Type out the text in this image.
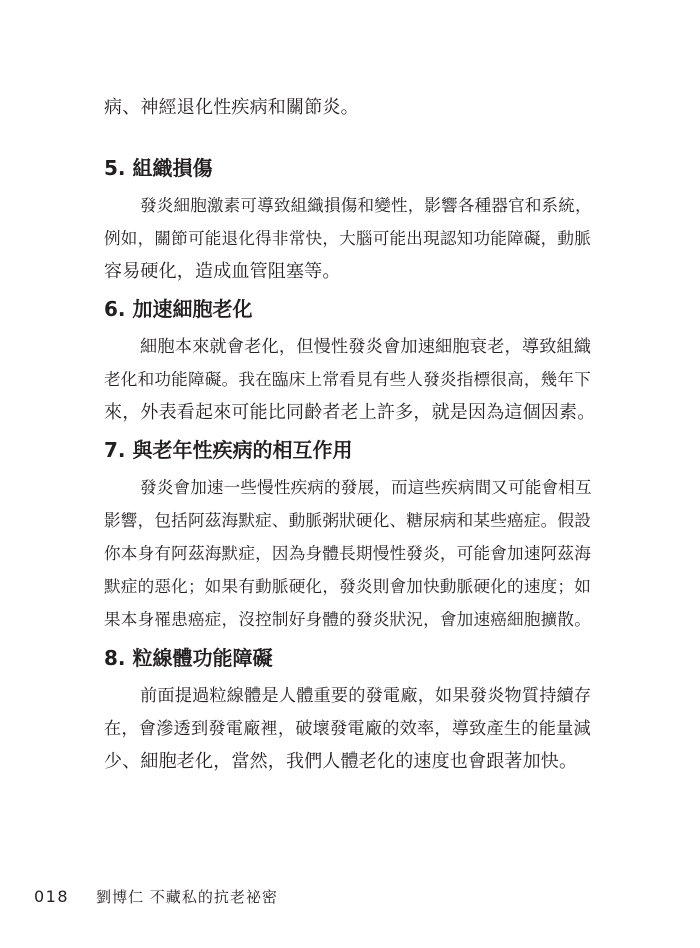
病、神經退化性疾病和關節炎。
5. 組織損傷
發炎細胞激素可導致組織損傷和變性，影響各種器官和系統，
例如，關節可能退化得非常快，大腦可能出現認知功能障礙，動脈
容易硬化，造成血管阻塞等。
6. 加速細胞老化
細胞本來就會老化，但慢性發炎會加速細胞衰老，導致組織
老化和功能障礙。我在臨床上常看見有些人發炎指標很高，幾年下
來，外表看起來可能比同齡者老上許多，就是因為這個因素。
7. 與老年性疾病的相互作用
發炎會加速一些慢性疾病的發展，而這些疾病間又可能會相互
影響，包括阿茲海默症、動脈粥狀硬化、糖尿病和某些癌症。假設
你本身有阿茲海默症，因為身體長期慢性發炎，可能會加速阿茲海
默症的惡化；如果有動脈硬化，發炎則會加快動脈硬化的速度；如
果本身罹患癌症，沒控制好身體的發炎狀況，會加速癌細胞擴散。
8. 粒線體功能障礙
前面提過粒線體是人體重要的發電廠，如果發炎物質持續存
在，會滲透到發電廠裡，破壞發電廠的效率，導致產生的能量減
少、細胞老化，當然，我們人體老化的速度也會跟著加快。
018 劉博仁 不藏私的抗老祕密
